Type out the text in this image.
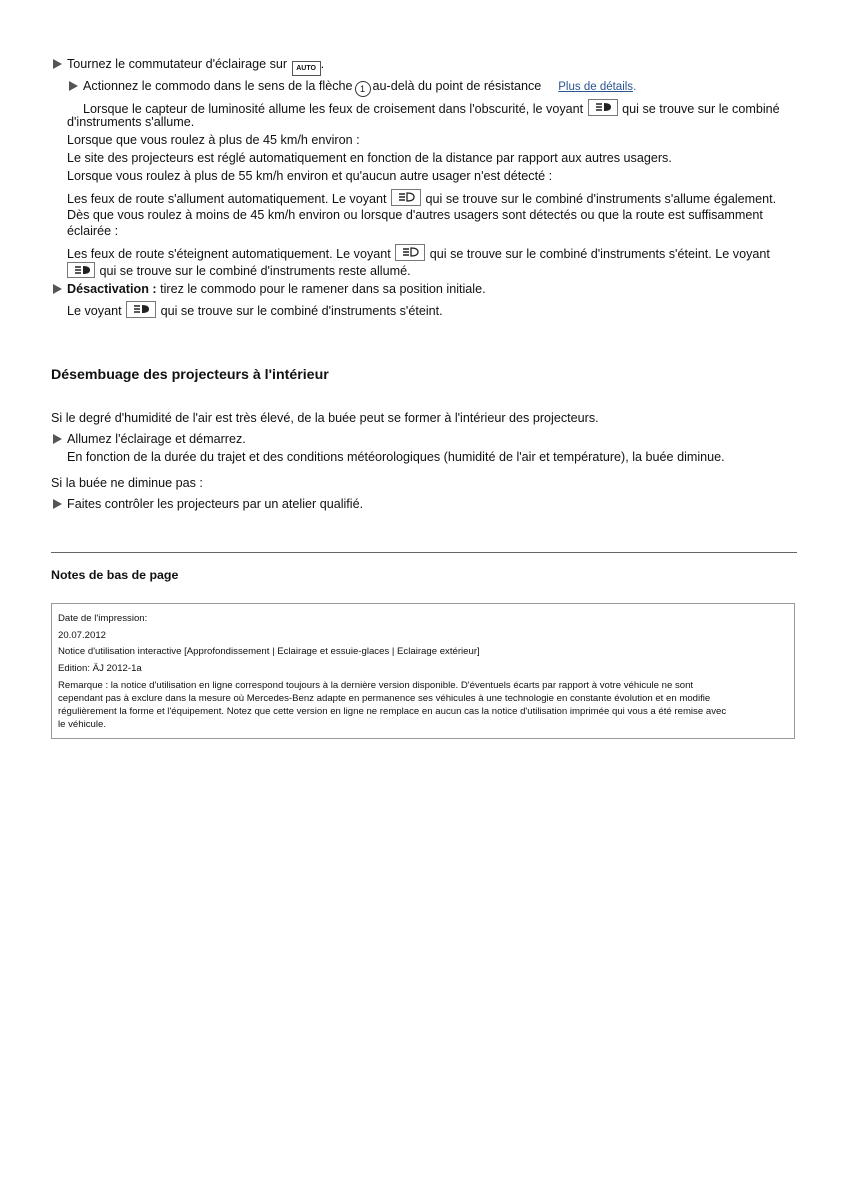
Tournez le commutateur d'éclairage sur AUTO .
Actionnez le commodo dans le sens de la flèche 1 au-delà du point de résistance Plus de détails.
Lorsque le capteur de luminosité allume les feux de croisement dans l'obscurité, le voyant	qui se trouve sur le combiné
d'instruments s'allume.
Lorsque que vous roulez à plus de 45 km/h environ :
Le site des projecteurs est réglé automatiquement en fonction de la distance par rapport aux autres usagers.
Lorsque vous roulez à plus de 55 km/h environ et qu'aucun autre usager n'est détecté :
Les feux de route s'allument automatiquement. Le voyant	qui se trouve sur le combiné d'instruments s'allume également.
Dès que vous roulez à moins de 45 km/h environ ou lorsque d'autres usagers sont détectés ou que la route est suffisamment
éclairée :
Les feux de route s'éteignent automatiquement. Le voyant	qui se trouve sur le combiné d'instruments s'éteint. Le voyant
qui se trouve sur le combiné d'instruments reste allumé.
Désactivation : tirez le commodo pour le ramener dans sa position initiale.
Le voyant	qui se trouve sur le combiné d'instruments s'éteint.
Désembuage des projecteurs à l'intérieur
Si le degré d'humidité de l'air est très élevé, de la buée peut se former à l'intérieur des projecteurs.
Allumez l'éclairage et démarrez.
En fonction de la durée du trajet et des conditions météorologiques (humidité de l'air et température), la buée diminue.
Si la buée ne diminue pas :
Faites contrôler les projecteurs par un atelier qualifié.
Notes de bas de page
Date de l'impression:
20.07.2012
Notice d'utilisation interactive [Approfondissement | Eclairage et essuie-glaces | Eclairage extérieur]
Edition: ÄJ 2012-1a
Remarque : la notice d'utilisation en ligne correspond toujours à la dernière version disponible. D'éventuels écarts par rapport à votre véhicule ne sont
cependant pas à exclure dans la mesure où Mercedes-Benz adapte en permanence ses véhicules à une technologie en constante évolution et en modifie
régulièrement la forme et l'équipement. Notez que cette version en ligne ne remplace en aucun cas la notice d'utilisation imprimée qui vous a été remise avec
le véhicule.
